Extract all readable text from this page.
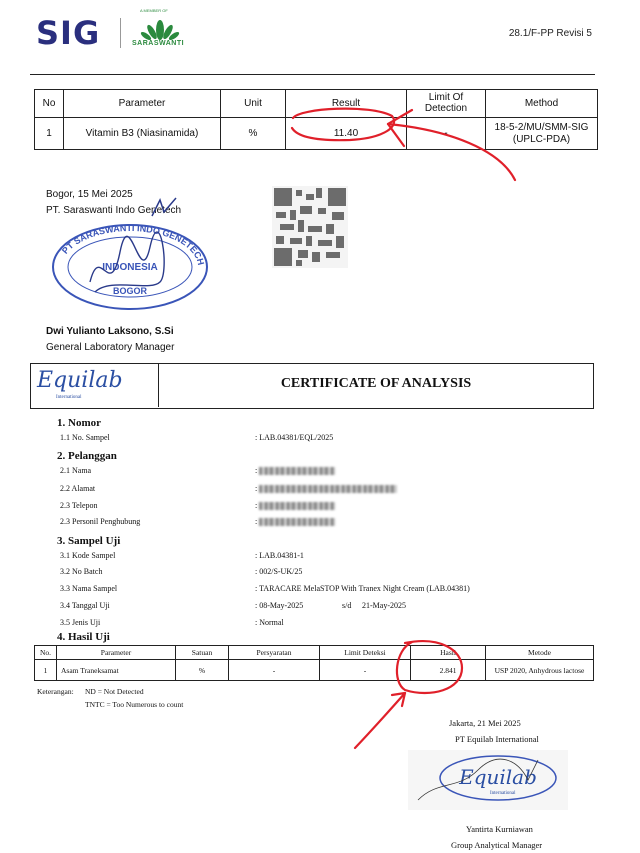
SIG
A MEMBER OF
SARASWANTI
28.1/F-PP Revisi 5
No	Parameter	Unit	Result	Limit Of Detection	Method
1	Vitamin B3 (Niasinamida)	%	11.40	-	18-5-2/MU/SMM-SIG (UPLC-PDA)
Bogor, 15 Mei 2025
PT. Saraswanti Indo Genetech
PT SARASWANTI INDO GENETECH
INDONESIA
BOGOR
Dwi Yulianto Laksono, S.Si
General Laboratory Manager
Equilab
International
CERTIFICATE OF ANALYSIS
1. Nomor
1.1 No. Sampel	: LAB.04381/EQL/2025
2. Pelanggan
2.1 Nama	:
2.2 Alamat	:
2.3 Telepon	:
2.3 Personil Penghubung	:
3. Sampel Uji
3.1 Kode Sampel	: LAB.04381-1
3.2 No Batch	: 002/S-UK/25
3.3 Nama Sampel	: TARACARE MelaSTOP With Tranex Night Cream (LAB.04381)
3.4 Tanggal Uji	: 08-May-2025	s/d 21-May-2025
3.5 Jenis Uji	: Normal
4. Hasil Uji
No.	Parameter	Satuan	Persyaratan	Limit Deteksi	Hasil	Metode
1	Asam Traneksamat	%	-	-	2.841	USP 2020, Anhydrous lactose
Keterangan: ND = Not Detected
TNTC = Too Numerous to count
Jakarta, 21 Mei 2025
PT Equilab International
Equilab
International
Yantirta Kurniawan
Group Analytical Manager
